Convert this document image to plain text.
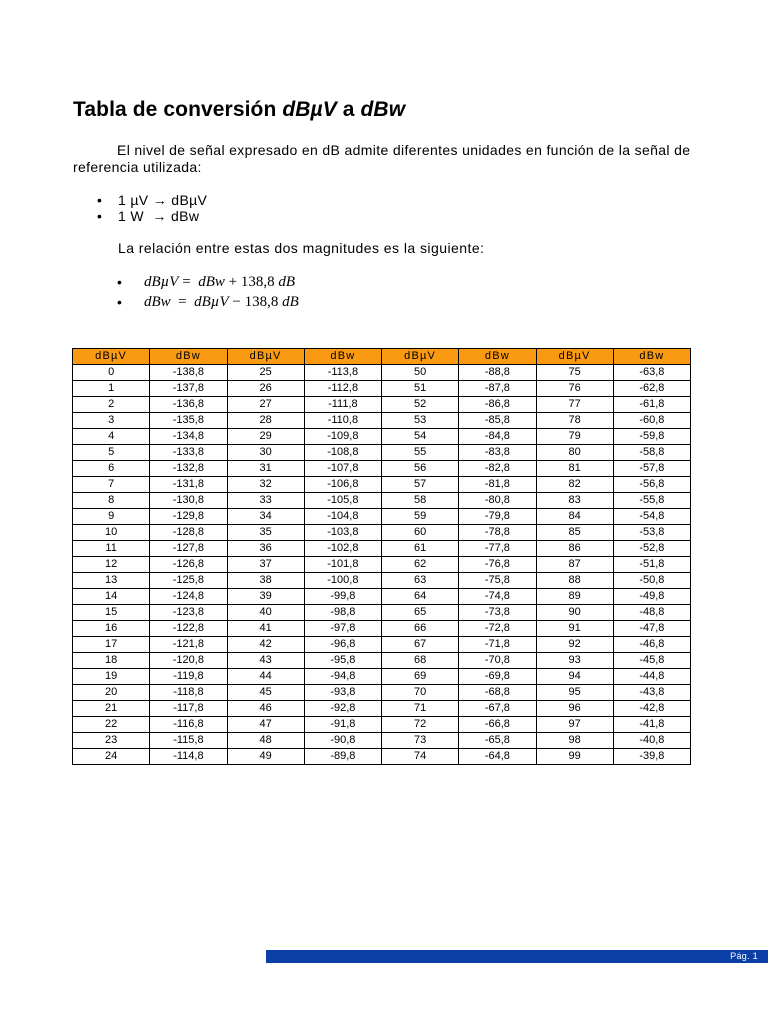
Tabla de conversión dBµV a dBw

El nivel de señal expresado en dB admite diferentes unidades en función de la señal de referencia utilizada:

• 1 µV → dBµV
• 1 W  → dBw

La relación entre estas dos magnitudes es la siguiente:

• dBµV =  dBw + 138,8 dB
• dBw  =  dBµV − 138,8 dB
dBµV	dBw	dBµV	dBw	dBµV	dBw	dBµV	dBw
0	-138,8	25	-113,8	50	-88,8	75	-63,8
1	-137,8	26	-112,8	51	-87,8	76	-62,8
2	-136,8	27	-111,8	52	-86,8	77	-61,8
3	-135,8	28	-110,8	53	-85,8	78	-60,8
4	-134,8	29	-109,8	54	-84,8	79	-59,8
5	-133,8	30	-108,8	55	-83,8	80	-58,8
6	-132,8	31	-107,8	56	-82,8	81	-57,8
7	-131,8	32	-106,8	57	-81,8	82	-56,8
8	-130,8	33	-105,8	58	-80,8	83	-55,8
9	-129,8	34	-104,8	59	-79,8	84	-54,8
10	-128,8	35	-103,8	60	-78,8	85	-53,8
11	-127,8	36	-102,8	61	-77,8	86	-52,8
12	-126,8	37	-101,8	62	-76,8	87	-51,8
13	-125,8	38	-100,8	63	-75,8	88	-50,8
14	-124,8	39	-99,8	64	-74,8	89	-49,8
15	-123,8	40	-98,8	65	-73,8	90	-48,8
16	-122,8	41	-97,8	66	-72,8	91	-47,8
17	-121,8	42	-96,8	67	-71,8	92	-46,8
18	-120,8	43	-95,8	68	-70,8	93	-45,8
19	-119,8	44	-94,8	69	-69,8	94	-44,8
20	-118,8	45	-93,8	70	-68,8	95	-43,8
21	-117,8	46	-92,8	71	-67,8	96	-42,8
22	-116,8	47	-91,8	72	-66,8	97	-41,8
23	-115,8	48	-90,8	73	-65,8	98	-40,8
24	-114,8	49	-89,8	74	-64,8	99	-39,8
Pág. 1
